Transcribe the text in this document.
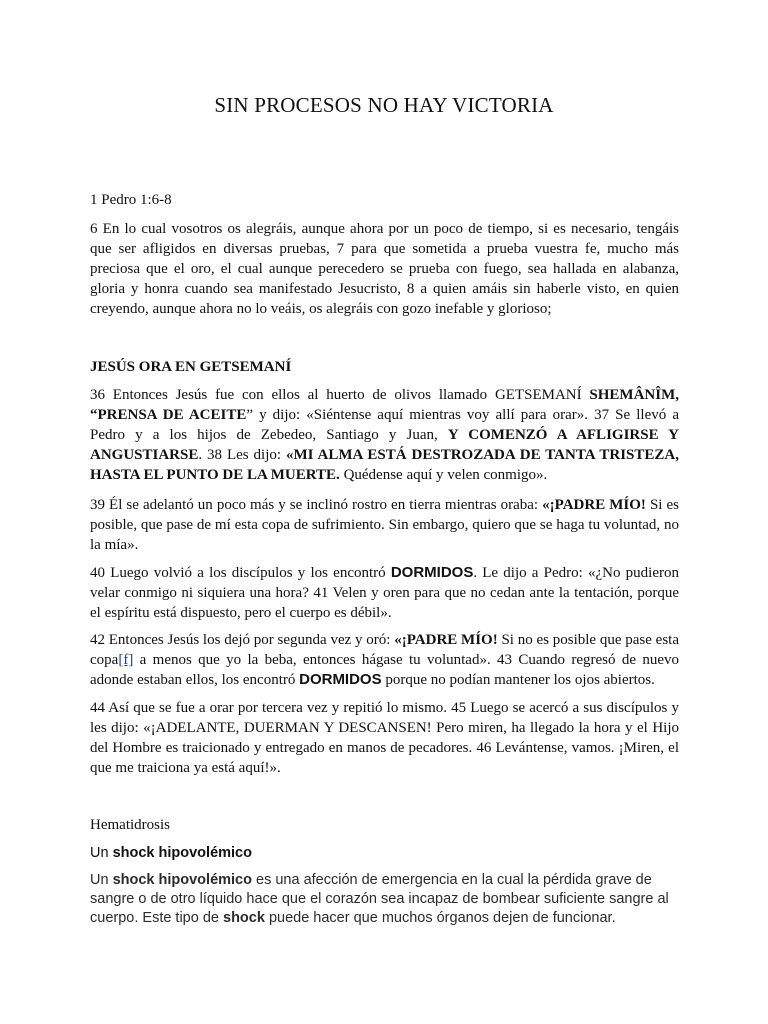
SIN PROCESOS NO HAY VICTORIA
1 Pedro 1:6-8
6 En lo cual vosotros os alegráis, aunque ahora por un poco de tiempo, si es necesario, tengáis que ser afligidos en diversas pruebas, 7 para que sometida a prueba vuestra fe, mucho más preciosa que el oro, el cual aunque perecedero se prueba con fuego, sea hallada en alabanza, gloria y honra cuando sea manifestado Jesucristo, 8 a quien amáis sin haberle visto, en quien creyendo, aunque ahora no lo veáis, os alegráis con gozo inefable y glorioso;
JESÚS ORA EN GETSEMANÍ
36 Entonces Jesús fue con ellos al huerto de olivos llamado GETSEMANÍ SHEMÂNÎM, “PRENSA DE ACEITE” y dijo: «Siéntense aquí mientras voy allí para orar». 37 Se llevó a Pedro y a los hijos de Zebedeo, Santiago y Juan, Y COMENZÓ A AFLIGIRSE Y ANGUSTIARSE. 38 Les dijo: «MI ALMA ESTÁ DESTROZADA DE TANTA TRISTEZA, HASTA EL PUNTO DE LA MUERTE. Quédense aquí y velen conmigo».
39 Él se adelantó un poco más y se inclinó rostro en tierra mientras oraba: «¡PADRE MÍO! Si es posible, que pase de mí esta copa de sufrimiento. Sin embargo, quiero que se haga tu voluntad, no la mía».
40 Luego volvió a los discípulos y los encontró DORMIDOS. Le dijo a Pedro: «¿No pudieron velar conmigo ni siquiera una hora? 41 Velen y oren para que no cedan ante la tentación, porque el espíritu está dispuesto, pero el cuerpo es débil».
42 Entonces Jesús los dejó por segunda vez y oró: «¡PADRE MÍO! Si no es posible que pase esta copa[f] a menos que yo la beba, entonces hágase tu voluntad». 43 Cuando regresó de nuevo adonde estaban ellos, los encontró DORMIDOS porque no podían mantener los ojos abiertos.
44 Así que se fue a orar por tercera vez y repitió lo mismo. 45 Luego se acercó a sus discípulos y les dijo: «¡ADELANTE, DUERMAN Y DESCANSEN! Pero miren, ha llegado la hora y el Hijo del Hombre es traicionado y entregado en manos de pecadores. 46 Levántense, vamos. ¡Miren, el que me traiciona ya está aquí!».
Hematidrosis
Un shock hipovolémico
Un shock hipovolémico es una afección de emergencia en la cual la pérdida grave de sangre o de otro líquido hace que el corazón sea incapaz de bombear suficiente sangre al cuerpo. Este tipo de shock puede hacer que muchos órganos dejen de funcionar.
